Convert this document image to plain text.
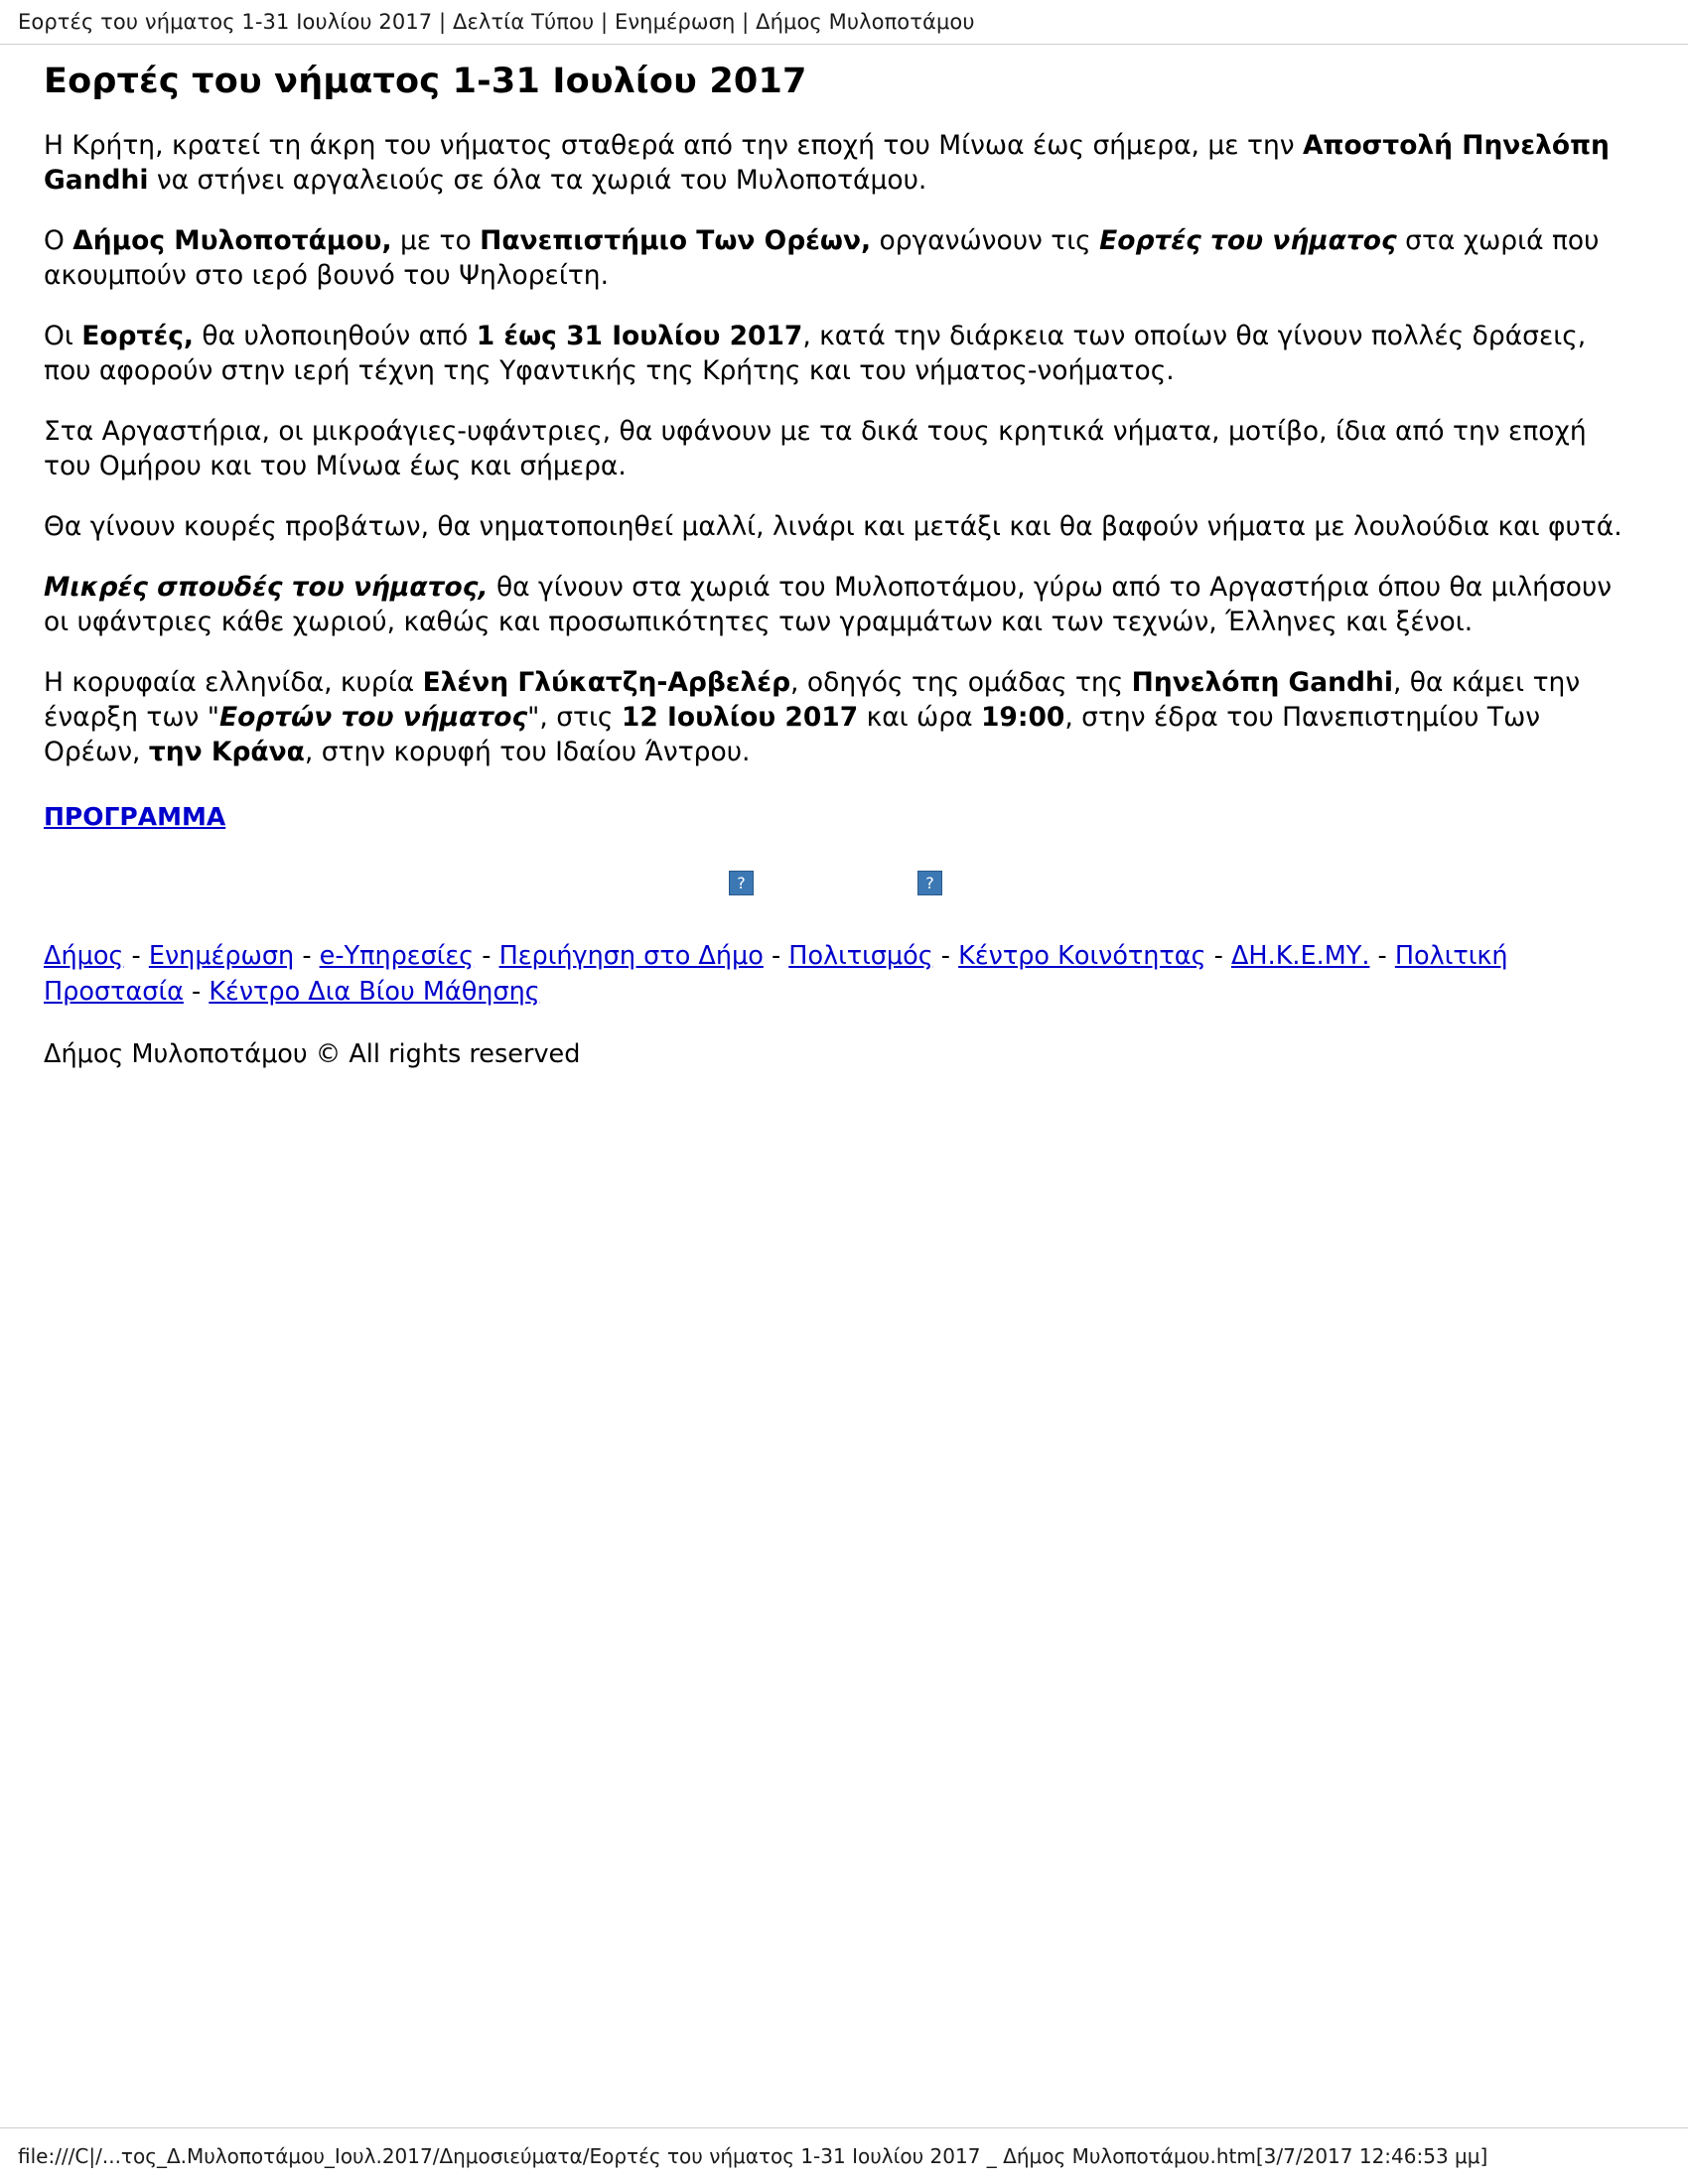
Εορτές του νήματος 1-31 Ιουλίου 2017 | Δελτία Τύπου | Ενημέρωση | Δήμος Μυλοποτάμου
Εορτές του νήματος 1-31 Ιουλίου 2017

Η Κρήτη, κρατεί τη άκρη του νήματος σταθερά από την εποχή του Μίνωα έως σήμερα, με την Αποστολή Πηνελόπη Gandhi να στήνει αργαλειούς σε όλα τα χωριά του Μυλοποτάμου.

Ο Δήμος Μυλοποτάμου, με το Πανεπιστήμιο Των Ορέων, οργανώνουν τις Εορτές του νήματος στα χωριά που ακουμπούν στο ιερό βουνό του Ψηλορείτη.

Οι Εορτές, θα υλοποιηθούν από 1 έως 31 Ιουλίου 2017, κατά την διάρκεια των οποίων θα γίνουν πολλές δράσεις, που αφορούν στην ιερή τέχνη της Υφαντικής της Κρήτης και του νήματος-νοήματος.

Στα Αργαστήρια, οι μικροάγιες-υφάντριες, θα υφάνουν με τα δικά τους κρητικά νήματα, μοτίβο, ίδια από την εποχή του Ομήρου και του Μίνωα έως και σήμερα.

Θα γίνουν κουρές προβάτων, θα νηματοποιηθεί μαλλί, λινάρι και μετάξι και θα βαφούν νήματα με λουλούδια και φυτά.

Μικρές σπουδές του νήματος, θα γίνουν στα χωριά του Μυλοποτάμου, γύρω από το Αργαστήρια όπου θα μιλήσουν οι υφάντριες κάθε χωριού, καθώς και προσωπικότητες των γραμμάτων και των τεχνών, Έλληνες και ξένοι.

Η κορυφαία ελληνίδα, κυρία Ελένη Γλύκατζη-Αρβελέρ, οδηγός της ομάδας της Πηνελόπη Gandhi, θα κάμει την έναρξη των "Εορτών του νήματος", στις 12 Ιουλίου 2017 και ώρα 19:00, στην έδρα του Πανεπιστημίου Των Ορέων, την Κράνα, στην κορυφή του Ιδαίου Άντρου.

ΠΡΟΓΡΑΜΜΑ
?	?
Δήμος - Ενημέρωση - e-Υπηρεσίες - Περιήγηση στο Δήμο - Πολιτισμός - Κέντρο Κοινότητας - ΔΗ.Κ.Ε.ΜΥ. - Πολιτική Προστασία - Κέντρο Δια Βίου Μάθησης
Δήμος Μυλοποτάμου © All rights reserved
file:///C|/...τος_Δ.Μυλοποτάμου_Ιουλ.2017/Δημοσιεύματα/Εορτές του νήματος 1-31 Ιουλίου 2017 _ Δήμος Μυλοποτάμου.htm[3/7/2017 12:46:53 μμ]
